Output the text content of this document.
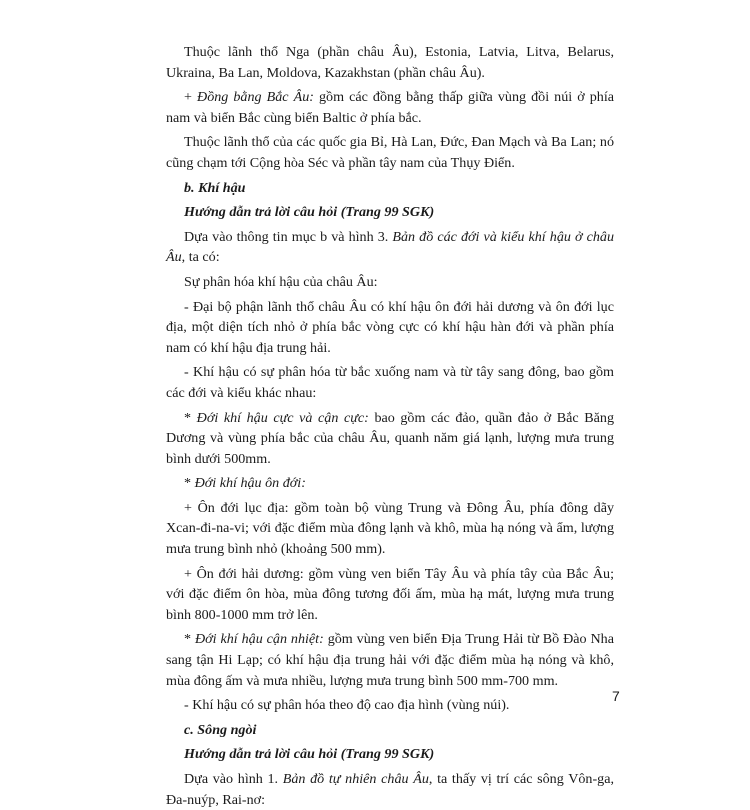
Thuộc lãnh thổ Nga (phần châu Âu), Estonia, Latvia, Litva, Belarus, Ukraina, Ba Lan, Moldova, Kazakhstan (phần châu Âu).

+ Đồng bằng Bắc Âu: gồm các đồng bằng thấp giữa vùng đồi núi ở phía nam và biển Bắc cùng biển Baltic ở phía bắc.

Thuộc lãnh thổ của các quốc gia Bỉ, Hà Lan, Đức, Đan Mạch và Ba Lan; nó cũng chạm tới Cộng hòa Séc và phần tây nam của Thụy Điển.

b. Khí hậu

Hướng dẫn trả lời câu hỏi (Trang 99 SGK)

Dựa vào thông tin mục b và hình 3. Bản đồ các đới và kiểu khí hậu ở châu Âu, ta có:

Sự phân hóa khí hậu của châu Âu:

- Đại bộ phận lãnh thổ châu Âu có khí hậu ôn đới hải dương và ôn đới lục địa, một diện tích nhỏ ở phía bắc vòng cực có khí hậu hàn đới và phần phía nam có khí hậu địa trung hải.

- Khí hậu có sự phân hóa từ bắc xuống nam và từ tây sang đông, bao gồm các đới và kiểu khác nhau:

* Đới khí hậu cực và cận cực: bao gồm các đảo, quần đảo ở Bắc Băng Dương và vùng phía bắc của châu Âu, quanh năm giá lạnh, lượng mưa trung bình dưới 500mm.

* Đới khí hậu ôn đới:

+ Ôn đới lục địa: gồm toàn bộ vùng Trung và Đông Âu, phía đông dãy Xcan-đi-na-vi; với đặc điểm mùa đông lạnh và khô, mùa hạ nóng và ẩm, lượng mưa trung bình nhỏ (khoảng 500 mm).

+ Ôn đới hải dương: gồm vùng ven biển Tây Âu và phía tây của Bắc Âu; với đặc điểm ôn hòa, mùa đông tương đối ấm, mùa hạ mát, lượng mưa trung bình 800-1000 mm trở lên.

* Đới khí hậu cận nhiệt: gồm vùng ven biển Địa Trung Hải từ Bồ Đào Nha sang tận Hi Lạp; có khí hậu địa trung hải với đặc điểm mùa hạ nóng và khô, mùa đông ấm và mưa nhiều, lượng mưa trung bình 500 mm-700 mm.

- Khí hậu có sự phân hóa theo độ cao địa hình (vùng núi).

c. Sông ngòi

Hướng dẫn trả lời câu hỏi (Trang 99 SGK)

Dựa vào hình 1. Bản đồ tự nhiên châu Âu, ta thấy vị trí các sông Vôn-ga, Đa-nuýp, Rai-nơ:

7
